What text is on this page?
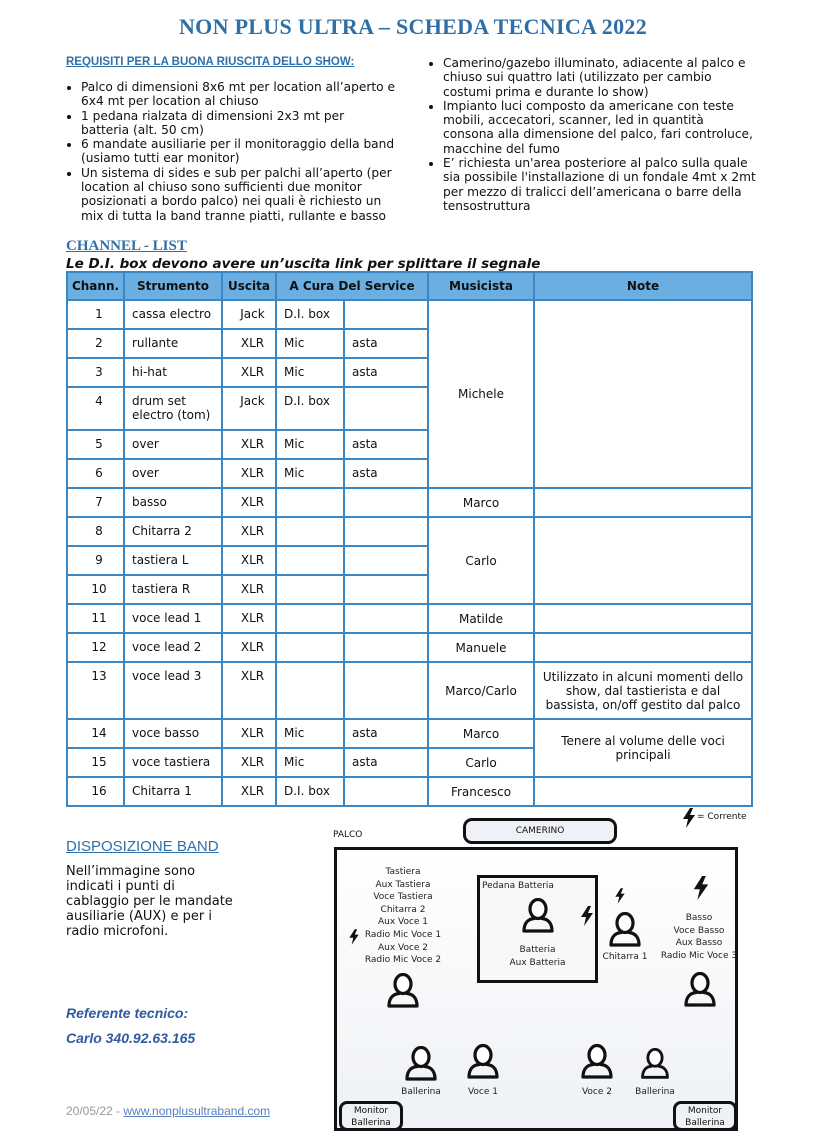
NON PLUS ULTRA – SCHEDA TECNICA 2022
REQUISITI PER LA BUONA RIUSCITA DELLO SHOW:
• Palco di dimensioni 8x6 mt per location all’aperto e 6x4 mt per location al chiuso
• 1 pedana rialzata di dimensioni 2x3 mt per batteria (alt. 50 cm)
• 6 mandate ausiliarie per il monitoraggio della band (usiamo tutti ear monitor)
• Un sistema di sides e sub per palchi all’aperto (per location al chiuso sono sufficienti due monitor posizionati a bordo palco) nei quali è richiesto un mix di tutta la band tranne piatti, rullante e basso
• Camerino/gazebo illuminato, adiacente al palco e chiuso sui quattro lati (utilizzato per cambio costumi prima e durante lo show)
• Impianto luci composto da americane con teste mobili, accecatori, scanner, led in quantità consona alla dimensione del palco, fari controluce, macchine del fumo
• E’ richiesta un'area posteriore al palco sulla quale sia possibile l'installazione di un fondale 4mt x 2mt per mezzo di tralicci dell’americana o barre della tensostruttura
CHANNEL - LIST
Le D.I. box devono avere un’uscita link per splittare il segnale
Chann.	Strumento	Uscita	A Cura Del Service		Musicista	Note
1	cassa electro	Jack	D.I. box		Michele	
2	rullante	XLR	Mic	asta		
3	hi-hat	XLR	Mic	asta		
4	drum set electro (tom)	Jack	D.I. box			
5	over	XLR	Mic	asta		
6	over	XLR	Mic	asta		
7	basso	XLR			Marco	
8	Chitarra 2	XLR			Carlo	
9	tastiera L	XLR				
10	tastiera R	XLR				
11	voce lead 1	XLR			Matilde	
12	voce lead 2	XLR			Manuele	
13	voce lead 3	XLR			Marco/Carlo	Utilizzato in alcuni momenti dello show, dal tastierista e dal bassista, on/off gestito dal palco
14	voce basso	XLR	Mic	asta	Marco	Tenere al volume delle voci principali
15	voce tastiera	XLR	Mic	asta	Carlo	
16	Chitarra 1	XLR	D.I. box		Francesco	
DISPOSIZIONE BAND
Nell’immagine sono indicati i punti di cablaggio per le mandate ausiliarie (AUX) e per i radio microfoni.
Referente tecnico:
Carlo 340.92.63.165
20/05/22 - www.nonplusultraband.com
PALCO	CAMERINO
= Corrente
Tastiera
Aux Tastiera
Voce Tastiera
Chitarra 2
Aux Voce 1
Radio Mic Voce 1
Aux Voce 2
Radio Mic Voce 2
Pedana Batteria
Batteria
Aux Batteria
Chitarra 1
Basso
Voce Basso
Aux Basso
Radio Mic Voce 3
Ballerina	Voce 1	Voce 2	Ballerina
Monitor
Ballerina
Monitor
Ballerina
